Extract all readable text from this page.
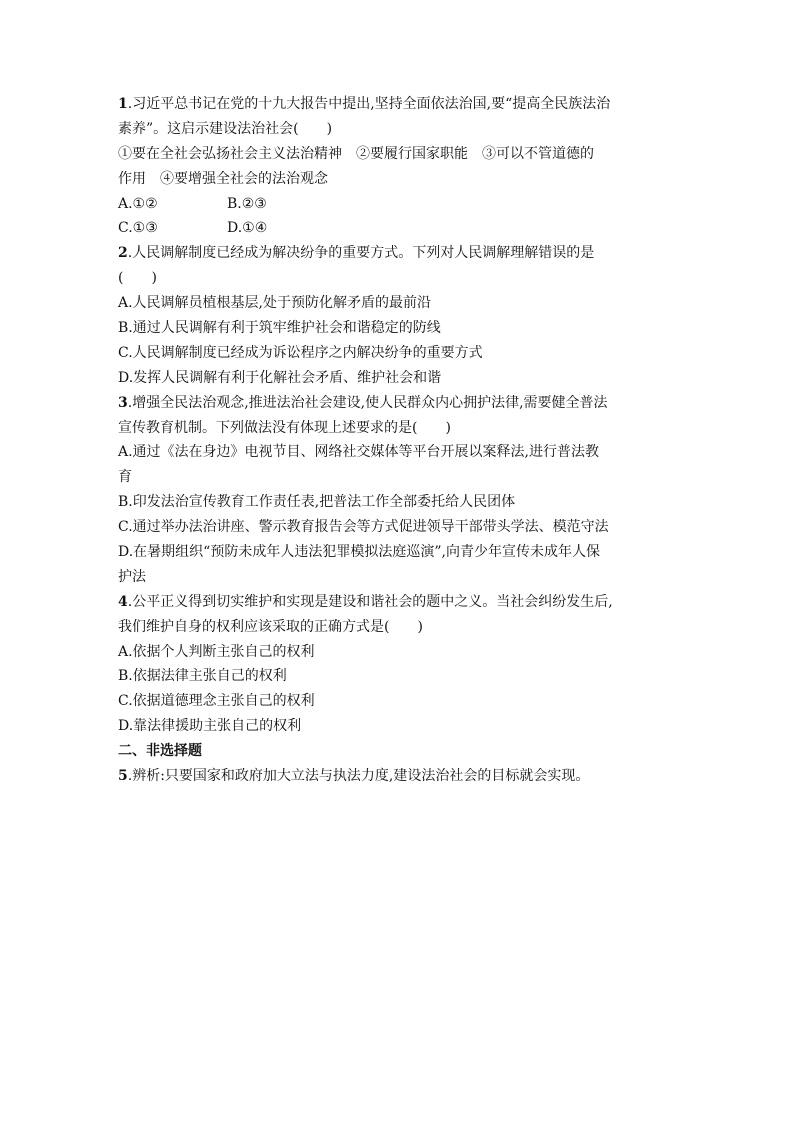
1.习近平总书记在党的十九大报告中提出,坚持全面依法治国,要“提高全民族法治
素养”。这启示建设法治社会(　　)
①要在全社会弘扬社会主义法治精神　②要履行国家职能　③可以不管道德的
作用　④要增强全社会的法治观念
A.①②	B.②③
C.①③	D.①④
2.人民调解制度已经成为解决纷争的重要方式。下列对人民调解理解错误的是
(　　)
A.人民调解员植根基层,处于预防化解矛盾的最前沿
B.通过人民调解有利于筑牢维护社会和谐稳定的防线
C.人民调解制度已经成为诉讼程序之内解决纷争的重要方式
D.发挥人民调解有利于化解社会矛盾、维护社会和谐
3.增强全民法治观念,推进法治社会建设,使人民群众内心拥护法律,需要健全普法
宣传教育机制。下列做法没有体现上述要求的是(　　)
A.通过《法在身边》电视节目、网络社交媒体等平台开展以案释法,进行普法教
育
B.印发法治宣传教育工作责任表,把普法工作全部委托给人民团体
C.通过举办法治讲座、警示教育报告会等方式促进领导干部带头学法、模范守法
D.在暑期组织“预防未成年人违法犯罪模拟法庭巡演”,向青少年宣传未成年人保
护法
4.公平正义得到切实维护和实现是建设和谐社会的题中之义。当社会纠纷发生后,
我们维护自身的权利应该采取的正确方式是(　　)
A.依据个人判断主张自己的权利
B.依据法律主张自己的权利
C.依据道德理念主张自己的权利
D.靠法律援助主张自己的权利
二、非选择题
5.辨析:只要国家和政府加大立法与执法力度,建设法治社会的目标就会实现。
